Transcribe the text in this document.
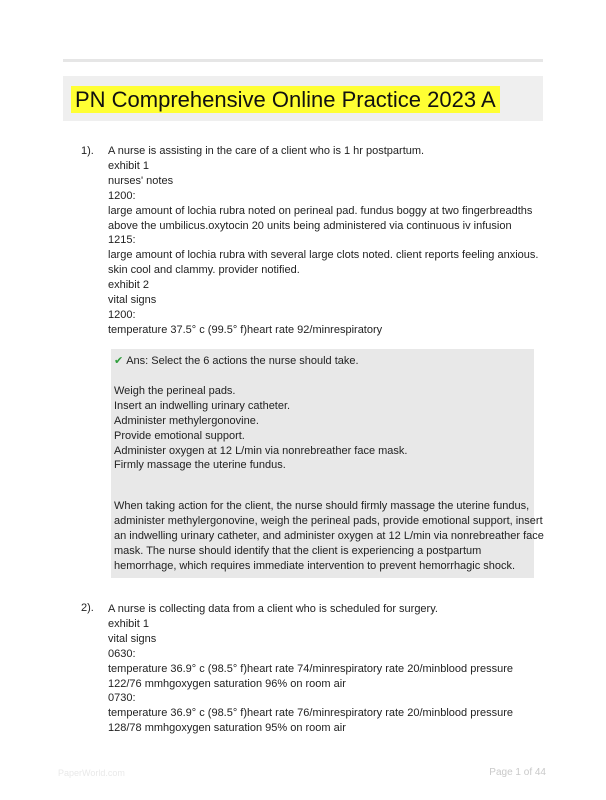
PN Comprehensive Online Practice 2023 A
1). A nurse is assisting in the care of a client who is 1 hr postpartum.
exhibit 1
nurses' notes
1200:
large amount of lochia rubra noted on perineal pad. fundus boggy at two fingerbreadths
above the umbilicus.oxytocin 20 units being administered via continuous iv infusion
1215:
large amount of lochia rubra with several large clots noted. client reports feeling anxious.
skin cool and clammy. provider notified.
exhibit 2
vital signs
1200:
temperature 37.5° c (99.5° f)heart rate 92/minrespiratory
✔ Ans: Select the 6 actions the nurse should take.
Weigh the perineal pads.
Insert an indwelling urinary catheter.
Administer methylergonovine.
Provide emotional support.
Administer oxygen at 12 L/min via nonrebreather face mask.
Firmly massage the uterine fundus.
When taking action for the client, the nurse should firmly massage the uterine fundus,
administer methylergonovine, weigh the perineal pads, provide emotional support, insert
an indwelling urinary catheter, and administer oxygen at 12 L/min via nonrebreather face
mask. The nurse should identify that the client is experiencing a postpartum
hemorrhage, which requires immediate intervention to prevent hemorrhagic shock.
2). A nurse is collecting data from a client who is scheduled for surgery.
exhibit 1
vital signs
0630:
temperature 36.9° c (98.5° f)heart rate 74/minrespiratory rate 20/minblood pressure
122/76 mmhgoxygen saturation 96% on room air
0730:
temperature 36.9° c (98.5° f)heart rate 76/minrespiratory rate 20/minblood pressure
128/78 mmhgoxygen saturation 95% on room air
PaperWorld.com	Page 1 of 44
